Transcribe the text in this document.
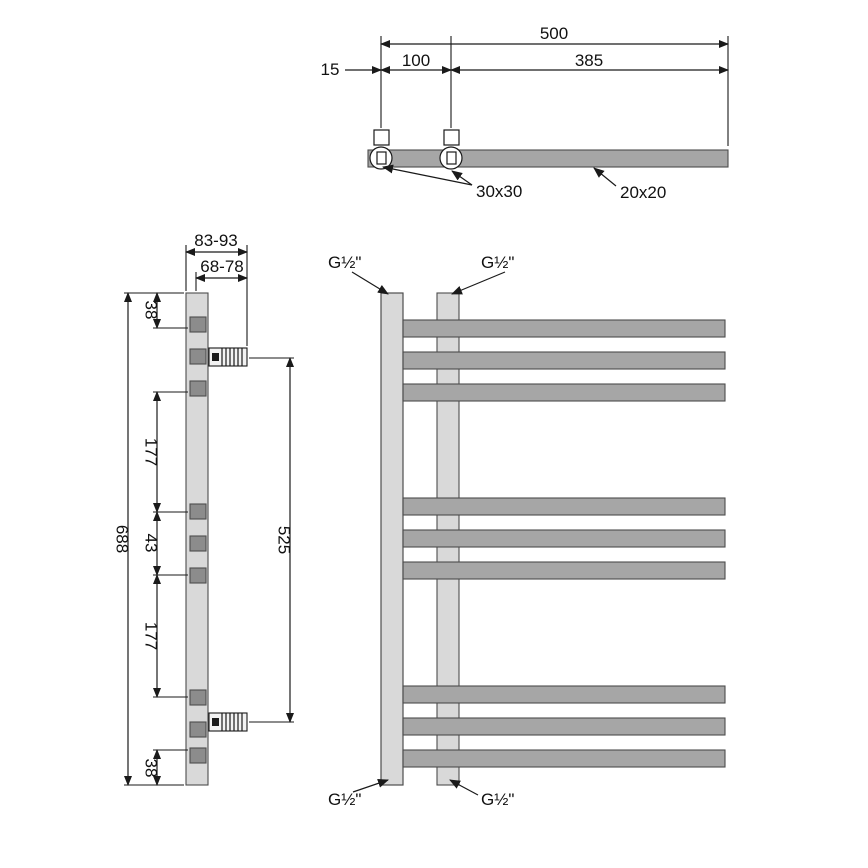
500
15	100	385
30x30	20x20
83-93
68-78
688
38
177
43
177
38
525
G½"	G½"
G½"	G½"
